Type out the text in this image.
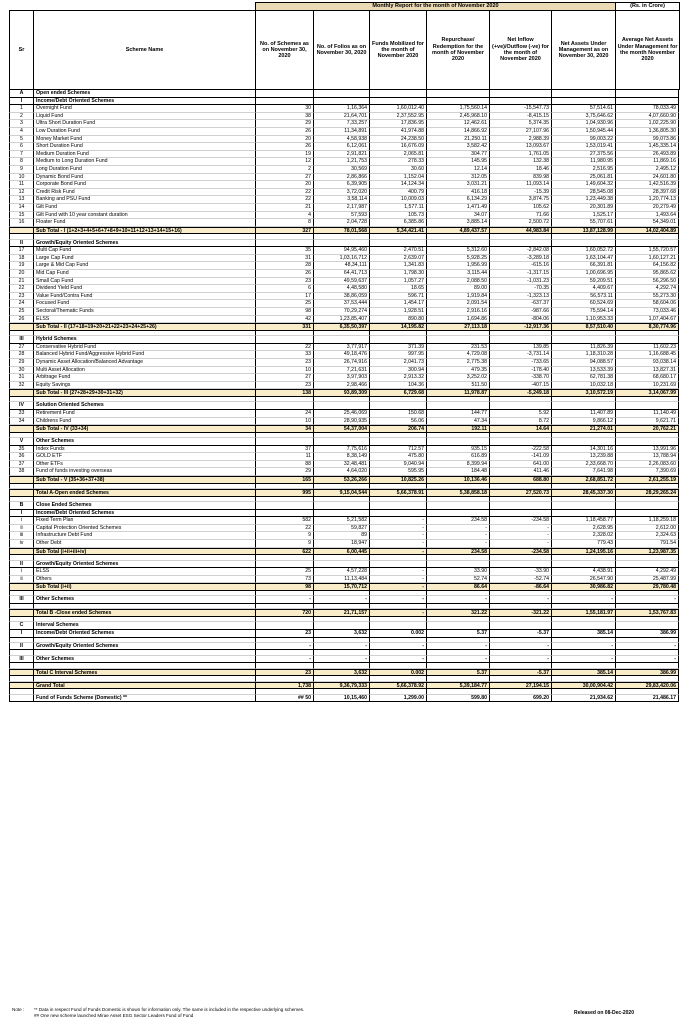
		Monthly Report for the month of November 2020						(Rs. in Crore)
Sr	Scheme Name	No. of Schemes as on November 30, 2020	No. of Folios as on November 30, 2020	Funds Mobilized for the month of November 2020	Repurchase/ Redemption for the month of November 2020	Net Inflow (+ve)/Outflow (-ve) for the month of November 2020	Net Assets Under Management as on November 30, 2020	Average Net Assets Under Management for the month November 2020
A	Open ended Schemes
I	Income/Debt Oriented Schemes
1	Overnight Fund	30	1,16,364	1,60,012.40	1,75,560.14	-15,547.73	57,514.61	78,033.49
2	Liquid Fund	38	21,64,701	2,37,552.95	2,45,968.10	-8,415.15	3,75,646.62	4,07,660.90
3	Ultra Short Duration Fund	29	7,33,257	17,836.95	12,462.61	5,374.35	1,04,930.96	1,02,225.90
4	Low Duration Fund	26	11,34,891	41,974.88	14,866.92	27,107.96	1,50,945.44	1,36,805.30
5	Money Market Fund	20	4,58,938	24,238.50	21,250.11	2,988.39	99,003.22	99,073.86
6	Short Duration Fund	26	6,12,061	16,676.09	3,582.42	13,093.67	1,53,019.41	1,45,335.14
7	Medium Duration Fund	19	2,91,821	2,065.81	304.77	1,761.05	27,375.56	26,493.89
8	Medium to Long Duration Fund	12	1,21,753	278.33	145.95	132.38	11,980.95	11,869.16
9	Long Duration Fund	2	30,569	30.60	12.14	18.46	2,516.95	2,495.12
10	Dynamic Bond Fund	27	2,86,866	1,152.04	312.05	839.98	25,061.81	24,601.80
11	Corporate Bond Fund	20	6,39,905	14,124.34	3,031.21	11,093.14	1,49,604.32	1,42,516.39
12	Credit Risk Fund	22	3,72,020	400.79	416.18	-15.39	28,545.08	28,397.68
13	Banking and PSU Fund	22	3,58,114	10,009.03	6,134.29	3,874.75	1,23,449.38	1,20,774.13
14	Gilt Fund	21	2,17,987	1,577.11	1,471.49	105.62	20,301.89	20,279.49
15	Gilt Fund with 10 year constant duration	4	57,593	105.73	34.07	71.66	1,525.17	1,493.64
16	Floater Fund	8	2,04,728	6,385.86	3,885.14	2,500.72	55,707.61	54,349.01
Sub Total - I (1+2+3+4+5+6+7+8+9+10+11+12+13+14+15+16)	327	78,01,568	5,34,421.41	4,89,437.57	44,983.84	13,87,128.99	14,02,404.89
II	Growth/Equity Oriented Schemes
17	Multi Cap Fund	35	94,95,460	2,470.51	5,312.60	-2,842.08	1,60,052.72	1,55,720.57
18	Large Cap Fund	31	1,03,16,712	2,639.07	5,928.25	-3,289.18	1,63,104.47	1,60,127.21
19	Large & Mid Cap Fund	28	48,34,111	1,341.83	1,956.99	-615.16	66,391.81	64,156.82
20	Mid Cap Fund	26	64,41,713	1,798.30	3,115.44	-1,317.15	1,00,696.95	95,865.62
21	Small Cap Fund	23	49,59,637	1,057.27	2,088.50	-1,031.23	59,209.51	56,296.50
22	Dividend Yield Fund	6	4,48,580	18.65	89.00	-70.35	4,409.67	4,292.74
23	Value Fund/Contra Fund	17	38,86,059	596.71	1,919.84	-1,323.13	56,573.11	55,273.30
24	Focused Fund	25	37,53,444	1,454.17	2,091.54	-637.37	60,524.69	58,604.06
25	Sectoral/Thematic Funds	98	70,29,274	1,928.51	2,916.16	-987.66	75,594.14	73,033.46
26	ELSS	42	1,23,85,407	890.80	1,694.86	-804.06	1,10,953.33	1,07,404.67
Sub Total - II (17+18+19+20+21+22+23+24+25+26)	331	6,35,50,397	14,195.82	27,113.18	-12,917.36	8,57,510.40	8,30,774.96
III	Hybrid Schemes
27	Conservative Hybrid Fund	22	3,77,917	371.39	231.53	139.85	11,826.39	11,602.23
28	Balanced Hybrid Fund/Aggressive Hybrid Fund	33	49,18,476	997.95	4,729.08	-3,731.14	1,18,310.28	1,16,688.45
29	Dynamic Asset Allocation/Balanced Advantage	23	26,74,916	2,041.73	2,775.38	-733.65	94,088.57	93,038.14
30	Multi Asset Allocation	10	7,21,631	300.94	479.35	-178.40	13,533.39	13,827.31
31	Arbitrage Fund	27	3,97,903	2,913.32	3,252.02	-338.70	62,781.38	68,680.17
32	Equity Savings	23	2,98,466	104.36	511.50	-407.15	10,032.18	10,231.69
Sub Total - III (27+28+29+30+31+32)	138	93,89,309	6,729.68	11,978.87	-5,249.18	3,10,572.19	3,14,067.99
IV	Solution Oriented Schemes
33	Retirement Fund	24	25,46,069	150.68	144.77	5.92	11,407.89	11,140.49
34	Childrens Fund	10	28,90,935	56.06	47.34	8.72	9,866.12	9,621.71
Sub Total - IV (33+34)	34	54,37,004	206.74	192.11	14.64	21,274.01	20,762.21
V	Other Schemes
35	Index Funds	37	7,75,616	712.57	935.15	-222.58	14,301.16	13,991.96
36	GOLD ETF	11	8,38,149	475.80	616.89	-141.09	13,239.88	13,788.94
37	Other ETFs	88	32,48,481	9,040.94	8,399.94	641.00	2,33,668.70	2,26,083.60
38	Fund of funds investing overseas	29	4,64,020	595.95	184.48	411.46	7,641.98	7,390.69
Sub Total - V (35+36+37+38)	165	53,26,266	10,825.26	10,136.46	688.80	2,68,851.72	2,61,255.19
Total A-Open ended Schemes	995	9,15,04,544	5,66,378.91	5,38,858.18	27,520.73	28,45,337.30	28,29,265.24
B	Close Ended Schemes
I	Income/Debt Oriented Schemes
i	Fixed Term Plan	582	5,21,582	-	234.58	-234.58	1,18,458.77	1,18,259.18
ii	Capital Protection Oriented Schemes	22	59,827	-	-	-	2,628.95	2,612.00
iii	Infrastructure Debt Fund	9	89	-	-	-	2,328.02	2,324.63
iv	Other Debt	9	18,947	-	-	-	779.43	791.54
Sub Total (i+ii+iii+iv)	622	6,00,445	-	234.58	-234.58	1,24,195.16	1,23,987.35
II	Growth/Equity Oriented Schemes
i	ELSS	25	4,57,228	-	33.90	-33.90	4,438.91	4,292.49
ii	Others	73	11,13,484	-	52.74	-52.74	26,547.90	25,487.99
Sub Total (i+ii)	98	15,70,712	-	86.64	-86.64	30,986.82	29,780.48
III	Other Schemes	-	-	-	-	-	-	-
Total B -Close ended Schemes	720	21,71,157	-	321.22	-321.22	1,55,181.97	1,53,767.83
C	Interval Schemes
I	Income/Debt Oriented Schemes	23	3,632	0.002	5.37	-5.37	385.14	386.99
II	Growth/Equity Oriented Schemes	-	-	-	-	-	-	-
III	Other Schemes	-	-	-	-	-	-	-
Total C Interval Schemes	23	3,632	0.002	5.37	-5.37	385.14	386.99
Grand Total	1,738	9,36,79,333	5,66,378.92	5,39,184.77	27,194.15	30,00,904.42	29,83,420.06
Fund of Funds Scheme (Domestic) **	## 50	10,15,460	1,299.00	599.80	699.20	21,934.62	21,486.17
Note : ** Data in respect Fund of Funds Domestic is shown for information only. The same is included in the respective underlying schemes.
## One new scheme launched Mirae Asset ESG Sector Leaders Fund of Fund	Released on 08-Dec-2020
